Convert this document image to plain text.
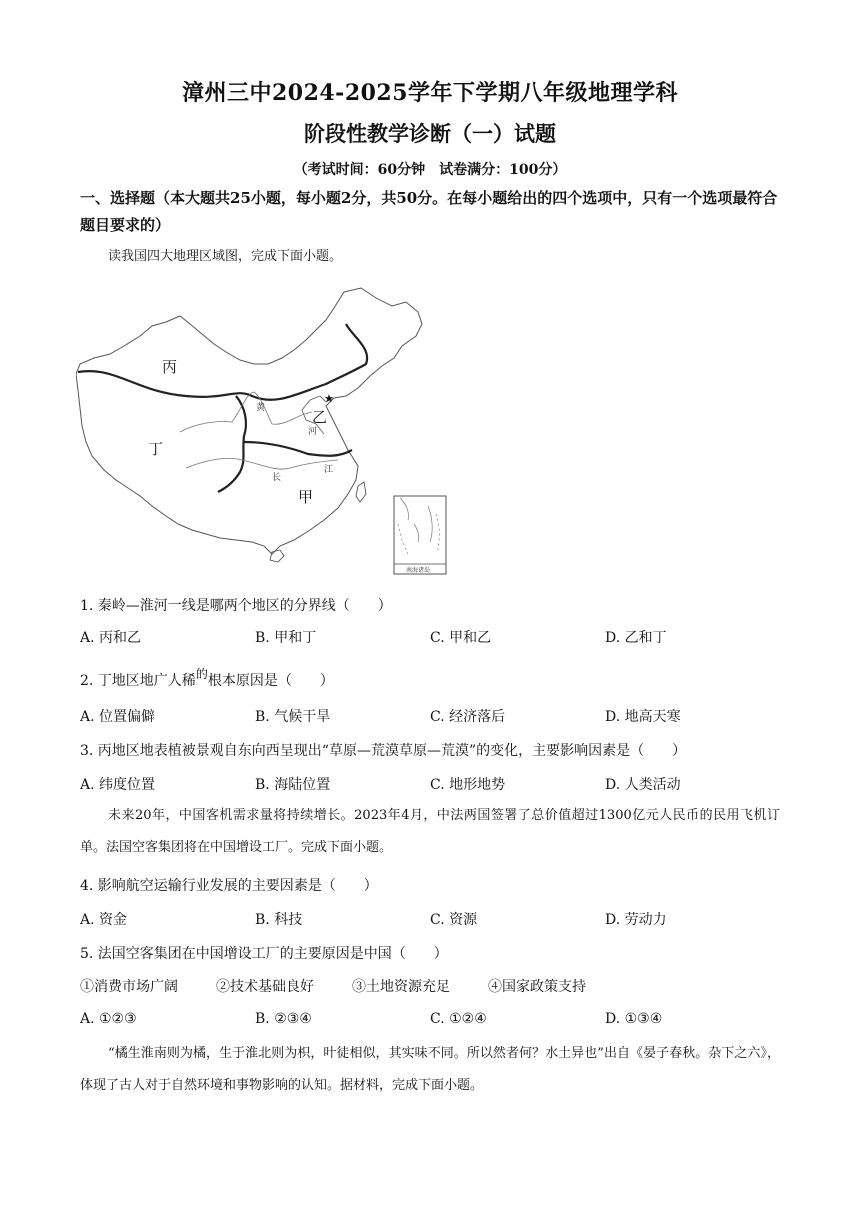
漳州三中2024-2025学年下学期八年级地理学科
阶段性教学诊断（一）试题
（考试时间：60分钟　试卷满分：100分）
一、选择题（本大题共25小题，每小题2分，共50分。在每小题给出的四个选项中，只有一个选项最符合题目要求的）
读我国四大地理区域图，完成下面小题。
★
丙
乙
丁
甲
黄
河
长
江
南海诸岛
1. 秦岭—淮河一线是哪两个地区的分界线（　　）
A. 丙和乙	B. 甲和丁	C. 甲和乙	D. 乙和丁
2. 丁地区地广人稀的根本原因是（　　）
A. 位置偏僻	B. 气候干旱	C. 经济落后	D. 地高天寒
3. 丙地区地表植被景观自东向西呈现出“草原—荒漠草原—荒漠”的变化，主要影响因素是（　　）
A. 纬度位置	B. 海陆位置	C. 地形地势	D. 人类活动
未来20年，中国客机需求量将持续增长。2023年4月，中法两国签署了总价值超过1300亿元人民币的民用飞机订单。法国空客集团将在中国增设工厂。完成下面小题。
4. 影响航空运输行业发展的主要因素是（　　）
A. 资金	B. 科技	C. 资源	D. 劳动力
5. 法国空客集团在中国增设工厂的主要原因是中国（　　）
①消费市场广阔	②技术基础良好	③土地资源充足	④国家政策支持
A. ①②③	B. ②③④	C. ①②④	D. ①③④
“橘生淮南则为橘，生于淮北则为枳，叶徒相似，其实味不同。所以然者何？水土异也”出自《晏子春秋。杂下之六》，体现了古人对于自然环境和事物影响的认知。据材料，完成下面小题。
